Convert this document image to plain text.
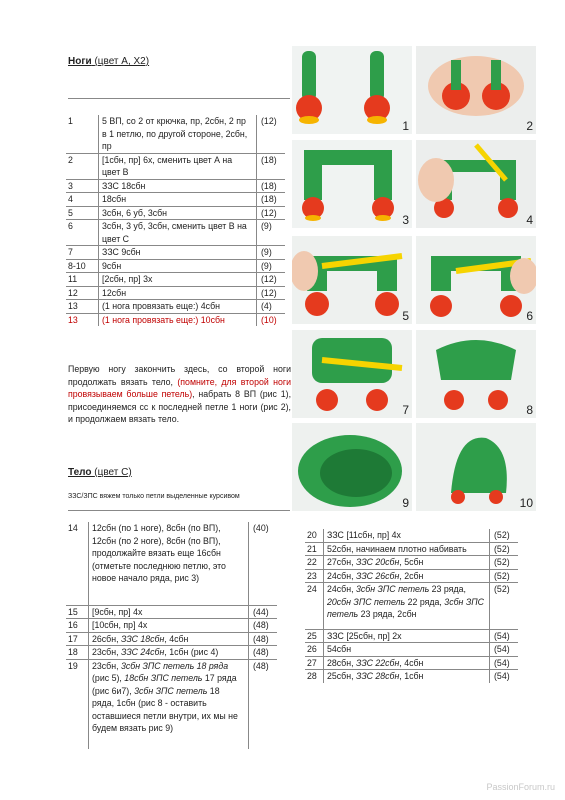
Ноги (цвет А, Х2)
1	5 ВП, со 2 от крючка, пр, 2сбн, 2 пр в 1 петлю, по другой стороне, 2сбн, пр	(12)
2	[1сбн, пр] 6х, сменить цвет А на цвет В	(18)
3	ЗЗС 18сбн	(18)
4	18сбн	(18)
5	3сбн, 6 уб, 3сбн	(12)
6	3сбн, 3 уб, 3сбн, сменить цвет В на цвет С	(9)
7	ЗЗС 9сбн	(9)
8-10	9сбн	(9)
11	[2сбн, пр] 3х	(12)
12	12сбн	(12)
13	(1 нога провязать еще:) 4сбн	(4)
13	(1 нога провязать еще:) 10сбн	(10)
Первую ногу закончить здесь, со второй ноги продолжать вязать тело, (помните, для второй ноги провязываем больше петель), набрать 8 ВП (рис 1), присоединяемся сс к последней петле 1 ноги (рис 2), и продолжаем вязать тело.
Тело (цвет С)
ЗЗС/ЗПС вяжем только петли выделенные курсивом
14	12сбн (по 1 ноге), 8сбн (по ВП), 12сбн (по 2 ноге), 8сбн (по ВП), продолжайте вязать еще 16сбн (отметьте последнюю петлю, это новое начало ряда, рис 3)	(40)

15	[9сбн, пр] 4х	(44)
16	[10сбн, пр] 4х	(48)
17	26сбн, ЗЗС 18сбн, 4сбн	(48)
18	23сбн, ЗЗС 24сбн, 1сбн (рис 4)	(48)
19	23сбн, 3сбн ЗПС петель 18 ряда (рис 5), 18сбн ЗПС петель 17 ряда (рис 6и7), 3сбн ЗПС петель 18 ряда, 1сбн (рис 8 - оставить оставшиеся петли внутри, их мы не будем вязать рис 9)	(48)

20	ЗЗС [11сбн, пр] 4х	(52)
21	52сбн, начинаем плотно набивать	(52)
22	27сбн, ЗЗС 20сбн, 5сбн	(52)
23	24сбн, ЗЗС 26сбн, 2сбн	(52)
24	24сбн, 3сбн ЗПС петель 23 ряда, 20сбн ЗПС петель 22 ряда, 3сбн ЗПС петель 23 ряда, 2сбн	(52)

25	ЗЗС [25сбн, пр] 2х	(54)
26	54сбн	(54)
27	28сбн, ЗЗС 22сбн, 4сбн	(54)
28	25сбн, ЗЗС 28сбн, 1сбн	(54)
1	2
3	4
5	6
7	8
9	10
PassionForum.ru
